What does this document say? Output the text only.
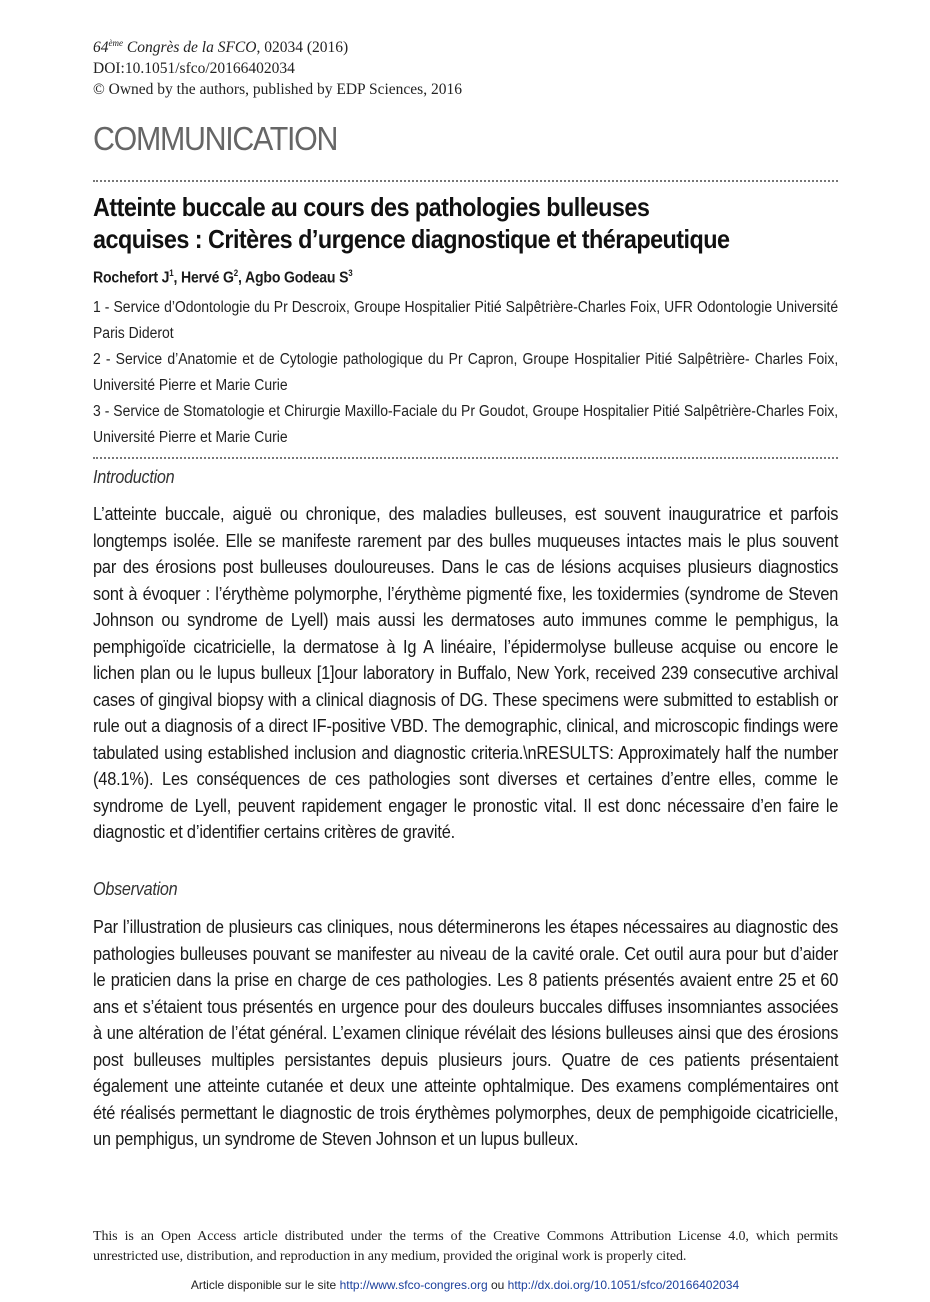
64ème Congrès de la SFCO, 02034 (2016)
DOI:10.1051/sfco/20166402034
© Owned by the authors, published by EDP Sciences, 2016
COMMUNICATION
Atteinte buccale au cours des pathologies bulleuses
acquises : Critères d’urgence diagnostique et thérapeutique
Rochefort $J^1$, Hervé $G^2$, Agbo Godeau $S^3$
1 - Service d’Odontologie du Pr Descroix, Groupe Hospitalier Pitié Salpêtrière-Charles Foix, UFR Odontologie Université Paris Diderot
2 - Service d’Anatomie et de Cytologie pathologique du Pr Capron, Groupe Hospitalier Pitié Salpêtrière- Charles Foix, Université Pierre et Marie Curie
3 - Service de Stomatologie et Chirurgie Maxillo-Faciale du Pr Goudot, Groupe Hospitalier Pitié Salpêtrière-Charles Foix, Université Pierre et Marie Curie
Introduction
L’atteinte buccale, aiguë ou chronique, des maladies bulleuses, est souvent inauguratrice et parfois longtemps isolée. Elle se manifeste rarement par des bulles muqueuses intactes mais le plus souvent par des érosions post bulleuses douloureuses. Dans le cas de lésions acquises plusieurs diagnostics sont à évoquer : l’érythème polymorphe, l’érythème pigmenté fixe, les toxidermies (syndrome de Steven Johnson ou syndrome de Lyell) mais aussi les dermatoses auto immunes comme le pemphigus, la pemphigoïde cicatricielle, la dermatose à Ig A linéaire, l’épidermolyse bulleuse acquise ou encore le lichen plan ou le lupus bulleux [1]our laboratory in Buffalo, New York, received 239 consecutive archival cases of gingival biopsy with a clinical diagnosis of DG. These specimens were submitted to establish or rule out a diagnosis of a direct IF-positive VBD. The demographic, clinical, and microscopic findings were tabulated using established inclusion and diagnostic criteria.\nRESULTS: Approximately half the number (48.1%). Les conséquences de ces pathologies sont diverses et certaines d’entre elles, comme le syndrome de Lyell, peuvent rapidement engager le pronostic vital. Il est donc nécessaire d’en faire le diagnostic et d’identifier certains critères de gravité.
Observation
Par l’illustration de plusieurs cas cliniques, nous déterminerons les étapes nécessaires au diagnostic des pathologies bulleuses pouvant se manifester au niveau de la cavité orale. Cet outil aura pour but d’aider le praticien dans la prise en charge de ces pathologies. Les 8 patients présentés avaient entre 25 et 60 ans et s’étaient tous présentés en urgence pour des douleurs buccales diffuses insomniantes associées à une altération de l’état général. L’examen clinique révélait des lésions bulleuses ainsi que des érosions post bulleuses multiples persistantes depuis plusieurs jours. Quatre de ces patients présentaient également une atteinte cutanée et deux une atteinte ophtalmique. Des examens complémentaires ont été réalisés permettant le diagnostic de trois érythèmes polymorphes, deux de pemphigoide cicatricielle, un pemphigus, un syndrome de Steven Johnson et un lupus bulleux.
This is an Open Access article distributed under the terms of the Creative Commons Attribution License 4.0, which permits unrestricted use, distribution, and reproduction in any medium, provided the original work is properly cited.
Article disponible sur le site http://www.sfco-congres.org ou http://dx.doi.org/10.1051/sfco/20166402034
